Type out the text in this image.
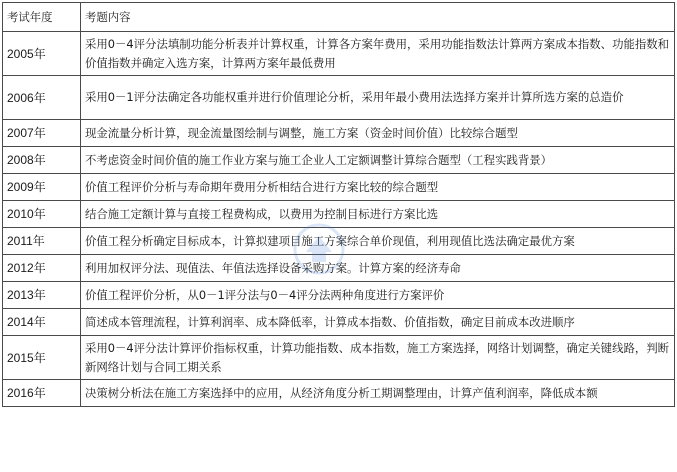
考试年度	考题内容
2005年	采用0－4评分法填制功能分析表并计算权重，计算各方案年费用，采用功能指数法计算两方案成本指数、功能指数和价值指数并确定入选方案，计算两方案年最低费用
2006年	采用0－1评分法确定各功能权重并进行价值理论分析，采用年最小费用法选择方案并计算所选方案的总造价
2007年	现金流量分析计算，现金流量图绘制与调整，施工方案（资金时间价值）比较综合题型
2008年	不考虑资金时间价值的施工作业方案与施工企业人工定额调整计算综合题型（工程实践背景）
2009年	价值工程评价分析与寿命期年费用分析相结合进行方案比较的综合题型
2010年	结合施工定额计算与直接工程费构成，以费用为控制目标进行方案比选
2011年	价值工程分析确定目标成本，计算拟建项目施工方案综合单价现值，利用现值比选法确定最优方案
2012年	利用加权评分法、现值法、年值法选择设备采购方案。计算方案的经济寿命
2013年	价值工程评价分析，从0－1评分法与0－4评分法两种角度进行方案评价
2014年	简述成本管理流程，计算利润率、成本降低率，计算成本指数、价值指数，确定目前成本改进顺序
2015年	采用0－4评分法计算评价指标权重，计算功能指数、成本指数，施工方案选择，网络计划调整，确定关键线路，判断新网络计划与合同工期关系
2016年	决策树分析法在施工方案选择中的应用，从经济角度分析工期调整理由，计算产值利润率，降低成本额
